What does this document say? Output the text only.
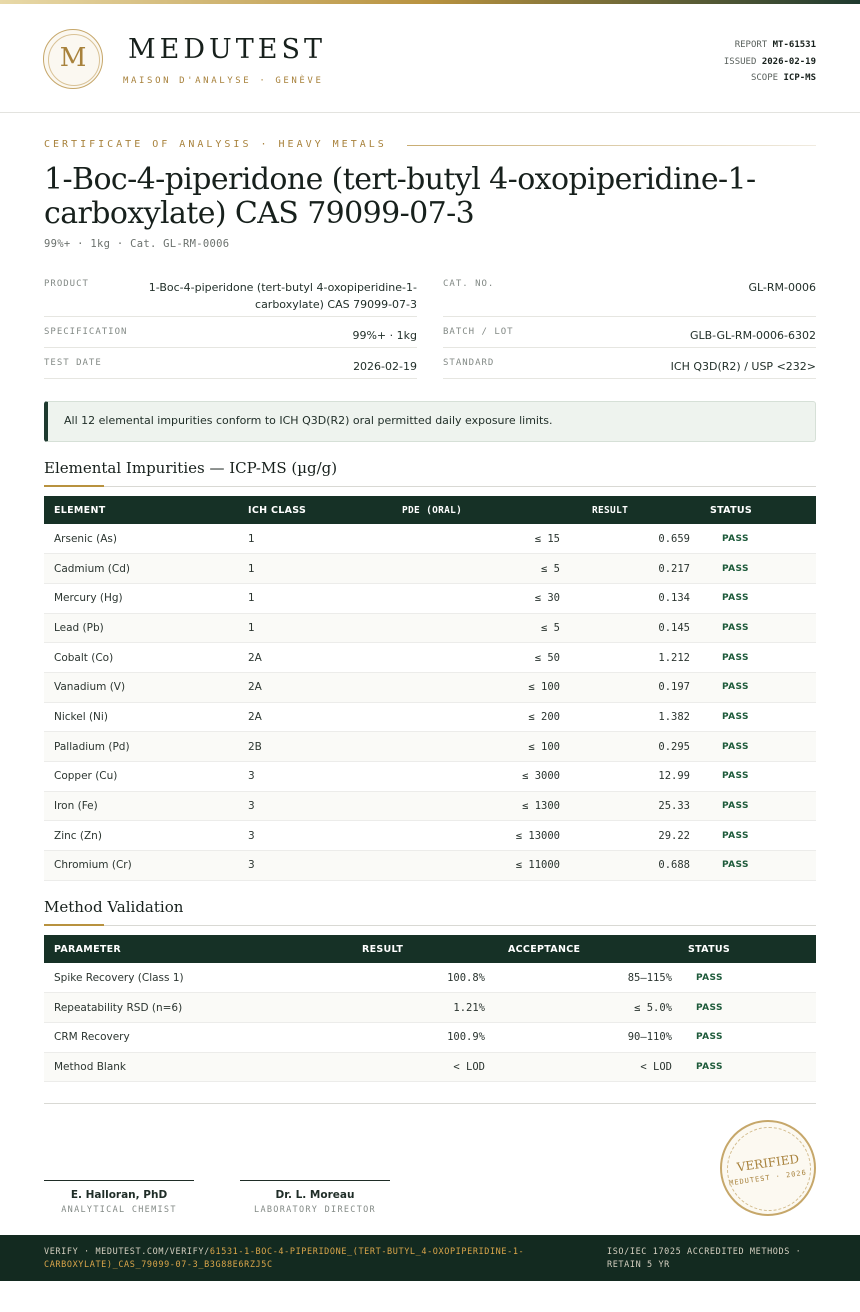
M	MEDUTEST
MAISON D'ANALYSE · GENÈVE
REPORT MT-61531
ISSUED 2026-02-19
SCOPE ICP-MS
CERTIFICATE OF ANALYSIS · HEAVY METALS
1-Boc-4-piperidone (tert-butyl 4-oxopiperidine-1-carboxylate) CAS 79099-07-3
99%+ · 1kg · Cat. GL-RM-0006
PRODUCT	1-Boc-4-piperidone (tert-butyl 4-oxopiperidine-1-
carboxylate) CAS 79099-07-3
CAT. NO.	GL-RM-0006
SPECIFICATION	99%+ · 1kg	BATCH / LOT	GLB-GL-RM-0006-6302
TEST DATE	2026-02-19	STANDARD	ICH Q3D(R2) / USP <232>
All 12 elemental impurities conform to ICH Q3D(R2) oral permitted daily exposure limits.
Elemental Impurities — ICP-MS (µg/g)
ELEMENT	ICH CLASS	PDE (ORAL)	RESULT	STATUS
Arsenic (As)	1	≤ 15	0.659	PASS
Cadmium (Cd)	1	≤ 5	0.217	PASS
Mercury (Hg)	1	≤ 30	0.134	PASS
Lead (Pb)	1	≤ 5	0.145	PASS
Cobalt (Co)	2A	≤ 50	1.212	PASS
Vanadium (V)	2A	≤ 100	0.197	PASS
Nickel (Ni)	2A	≤ 200	1.382	PASS
Palladium (Pd)	2B	≤ 100	0.295	PASS
Copper (Cu)	3	≤ 3000	12.99	PASS
Iron (Fe)	3	≤ 1300	25.33	PASS
Zinc (Zn)	3	≤ 13000	29.22	PASS
Chromium (Cr)	3	≤ 11000	0.688	PASS
Method Validation
PARAMETER	RESULT	ACCEPTANCE	STATUS
Spike Recovery (Class 1)	100.8%	85–115%	PASS
Repeatability RSD (n=6)	1.21%	≤ 5.0%	PASS
CRM Recovery	100.9%	90–110%	PASS
Method Blank	< LOD	< LOD	PASS
E. Halloran, PhD
ANALYTICAL CHEMIST
Dr. L. Moreau
LABORATORY DIRECTOR
VERIFIED
MEDUTEST · 2026
VERIFY · MEDUTEST.COM/VERIFY/61531-1-BOC-4-PIPERIDONE_(TERT-BUTYL_4-OXOPIPERIDINE-1-CARBOXYLATE)_CAS_79099-07-3_B3G88E6RZJ5C
ISO/IEC 17025 ACCREDITED METHODS · RETAIN 5 YR
